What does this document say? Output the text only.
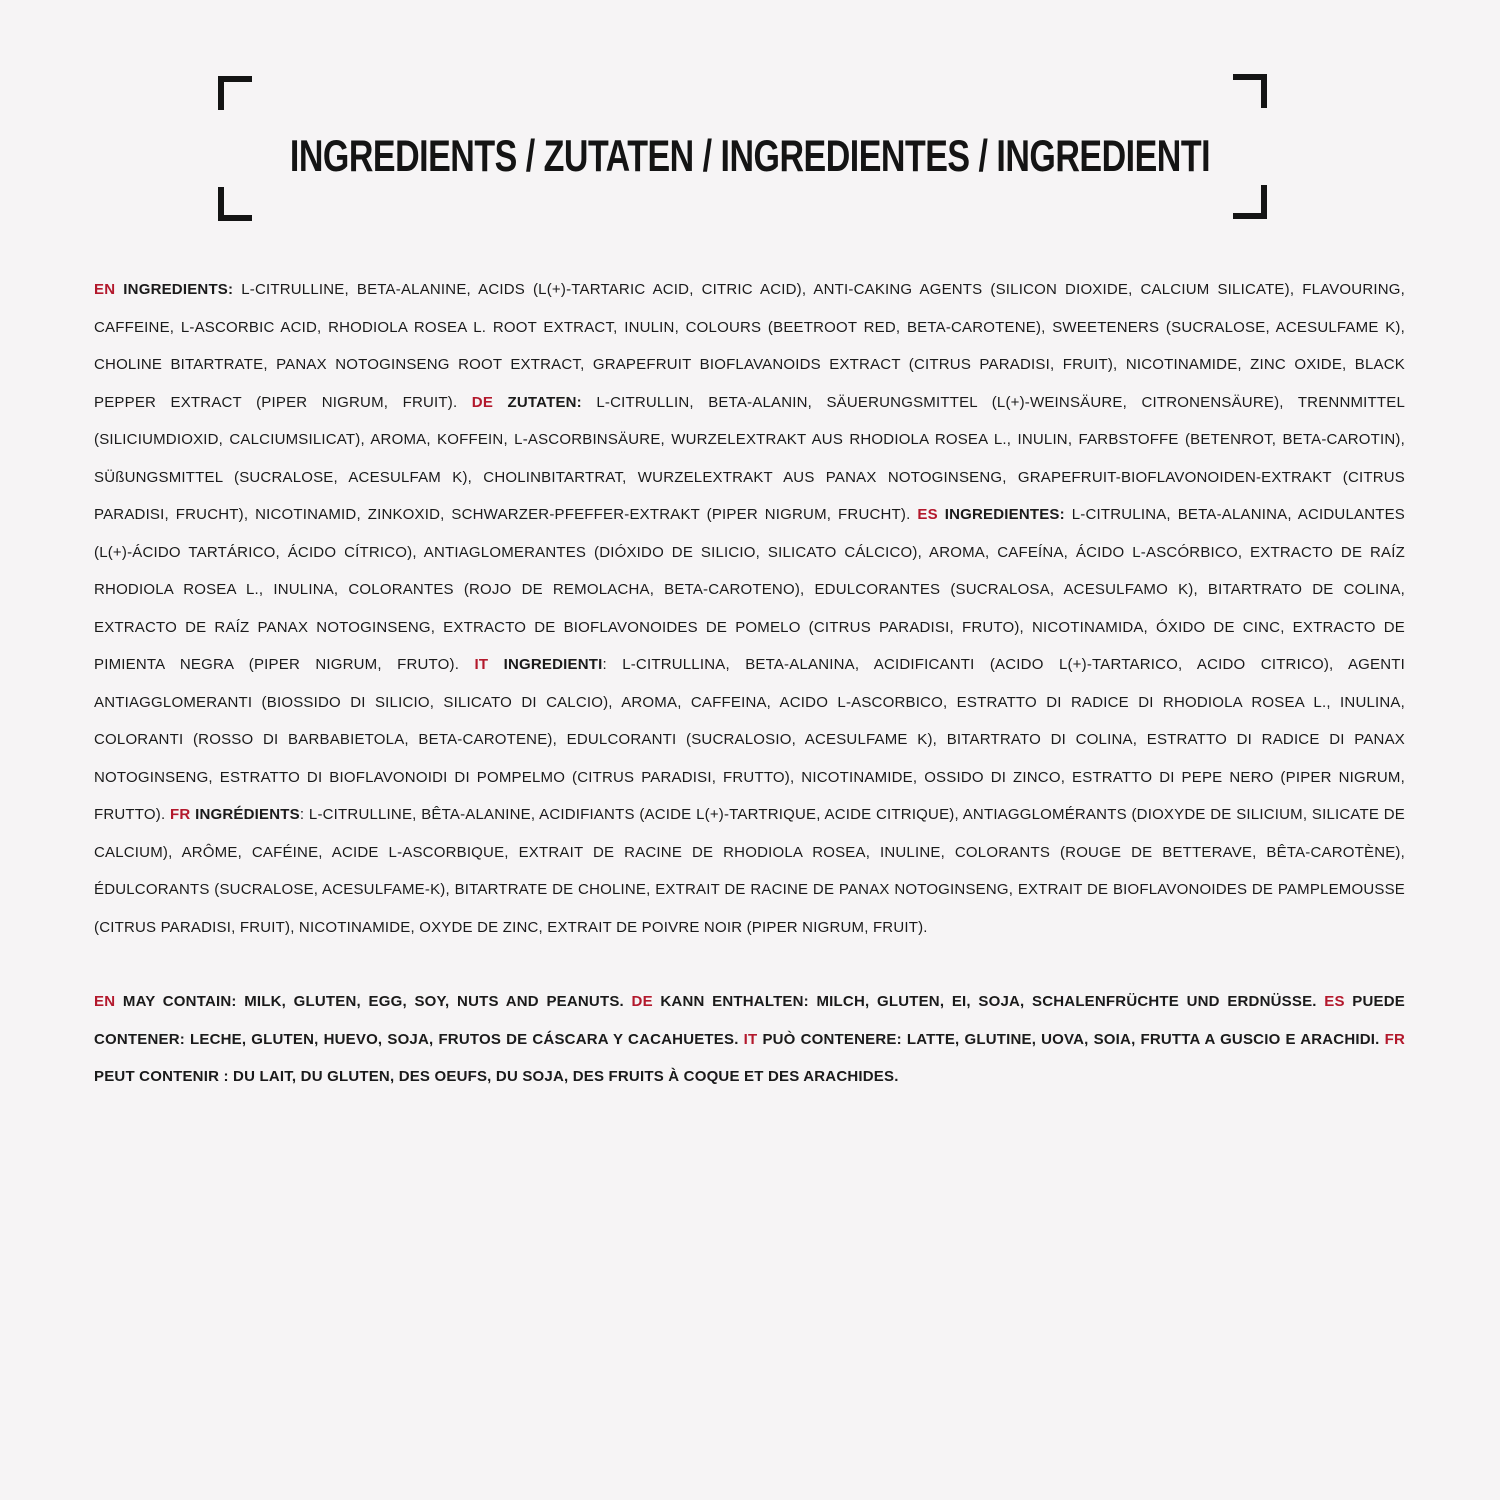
INGREDIENTS / ZUTATEN / INGREDIENTES / INGREDIENTI

EN INGREDIENTS: L-CITRULLINE, BETA-ALANINE, ACIDS (L(+)-TARTARIC ACID, CITRIC ACID), ANTI-CAKING AGENTS (SILICON DIOXIDE, CALCIUM SILICATE), FLAVOURING, CAFFEINE, L-ASCORBIC ACID, RHODIOLA ROSEA L. ROOT EXTRACT, INULIN, COLOURS (BEETROOT RED, BETA-CAROTENE), SWEETENERS (SUCRALOSE, ACESULFAME K), CHOLINE BITARTRATE, PANAX NOTOGINSENG ROOT EXTRACT, GRAPEFRUIT BIOFLAVANOIDS EXTRACT (CITRUS PARADISI, FRUIT), NICOTINAMIDE, ZINC OXIDE, BLACK PEPPER EXTRACT (PIPER NIGRUM, FRUIT). DE ZUTATEN: L-CITRULLIN, BETA-ALANIN, SÄUERUNGSMITTEL (L(+)-WEINSÄURE, CITRONENSÄURE), TRENNMITTEL (SILICIUMDIOXID, CALCIUMSILICAT), AROMA, KOFFEIN, L-ASCORBINSÄURE, WURZELEXTRAKT AUS RHODIOLA ROSEA L., INULIN, FARBSTOFFE (BETENROT, BETA-CAROTIN), SÜßUNGSMITTEL (SUCRALOSE, ACESULFAM K), CHOLINBITARTRAT, WURZELEXTRAKT AUS PANAX NOTOGINSENG, GRAPEFRUIT-BIOFLAVONOIDEN-EXTRAKT (CITRUS PARADISI, FRUCHT), NICOTINAMID, ZINKOXID, SCHWARZER-PFEFFER-EXTRAKT (PIPER NIGRUM, FRUCHT). ES INGREDIENTES: L-CITRULINA, BETA-ALANINA, ACIDULANTES (L(+)-ÁCIDO TARTÁRICO, ÁCIDO CÍTRICO), ANTIAGLOMERANTES (DIÓXIDO DE SILICIO, SILICATO CÁLCICO), AROMA, CAFEÍNA, ÁCIDO L-ASCÓRBICO, EXTRACTO DE RAÍZ RHODIOLA ROSEA L., INULINA, COLORANTES (ROJO DE REMOLACHA, BETA-CAROTENO), EDULCORANTES (SUCRALOSA, ACESULFAMO K), BITARTRATO DE COLINA, EXTRACTO DE RAÍZ PANAX NOTOGINSENG, EXTRACTO DE BIOFLAVONOIDES DE POMELO (CITRUS PARADISI, FRUTO), NICOTINAMIDA, ÓXIDO DE CINC, EXTRACTO DE PIMIENTA NEGRA (PIPER NIGRUM, FRUTO). IT INGREDIENTI: L-CITRULLINA, BETA-ALANINA, ACIDIFICANTI (ACIDO L(+)-TARTARICO, ACIDO CITRICO), AGENTI ANTIAGGLOMERANTI (BIOSSIDO DI SILICIO, SILICATO DI CALCIO), AROMA, CAFFEINA, ACIDO L-ASCORBICO, ESTRATTO DI RADICE DI RHODIOLA ROSEA L., INULINA, COLORANTI (ROSSO DI BARBABIETOLA, BETA-CAROTENE), EDULCORANTI (SUCRALOSIO, ACESULFAME K), BITARTRATO DI COLINA, ESTRATTO DI RADICE DI PANAX NOTOGINSENG, ESTRATTO DI BIOFLAVONOIDI DI POMPELMO (CITRUS PARADISI, FRUTTO), NICOTINAMIDE, OSSIDO DI ZINCO, ESTRATTO DI PEPE NERO (PIPER NIGRUM, FRUTTO). FR INGRÉDIENTS: L-CITRULLINE, BÊTA-ALANINE, ACIDIFIANTS (ACIDE L(+)-TARTRIQUE, ACIDE CITRIQUE), ANTIAGGLOMÉRANTS (DIOXYDE DE SILICIUM, SILICATE DE CALCIUM), ARÔME, CAFÉINE, ACIDE L-ASCORBIQUE, EXTRAIT DE RACINE DE RHODIOLA ROSEA, INULINE, COLORANTS (ROUGE DE BETTERAVE, BÊTA-CAROTÈNE), ÉDULCORANTS (SUCRALOSE, ACESULFAME-K), BITARTRATE DE CHOLINE, EXTRAIT DE RACINE DE PANAX NOTOGINSENG, EXTRAIT DE BIOFLAVONOIDES DE PAMPLEMOUSSE (CITRUS PARADISI, FRUIT), NICOTINAMIDE, OXYDE DE ZINC, EXTRAIT DE POIVRE NOIR (PIPER NIGRUM, FRUIT).

EN MAY CONTAIN: MILK, GLUTEN, EGG, SOY, NUTS AND PEANUTS. DE KANN ENTHALTEN: MILCH, GLUTEN, EI, SOJA, SCHALENFRÜCHTE UND ERDNÜSSE. ES PUEDE CONTENER: LECHE, GLUTEN, HUEVO, SOJA, FRUTOS DE CÁSCARA Y CACAHUETES. IT PUÒ CONTENERE: LATTE, GLUTINE, UOVA, SOIA, FRUTTA A GUSCIO E ARACHIDI. FR PEUT CONTENIR : DU LAIT, DU GLUTEN, DES OEUFS, DU SOJA, DES FRUITS À COQUE ET DES ARACHIDES.
